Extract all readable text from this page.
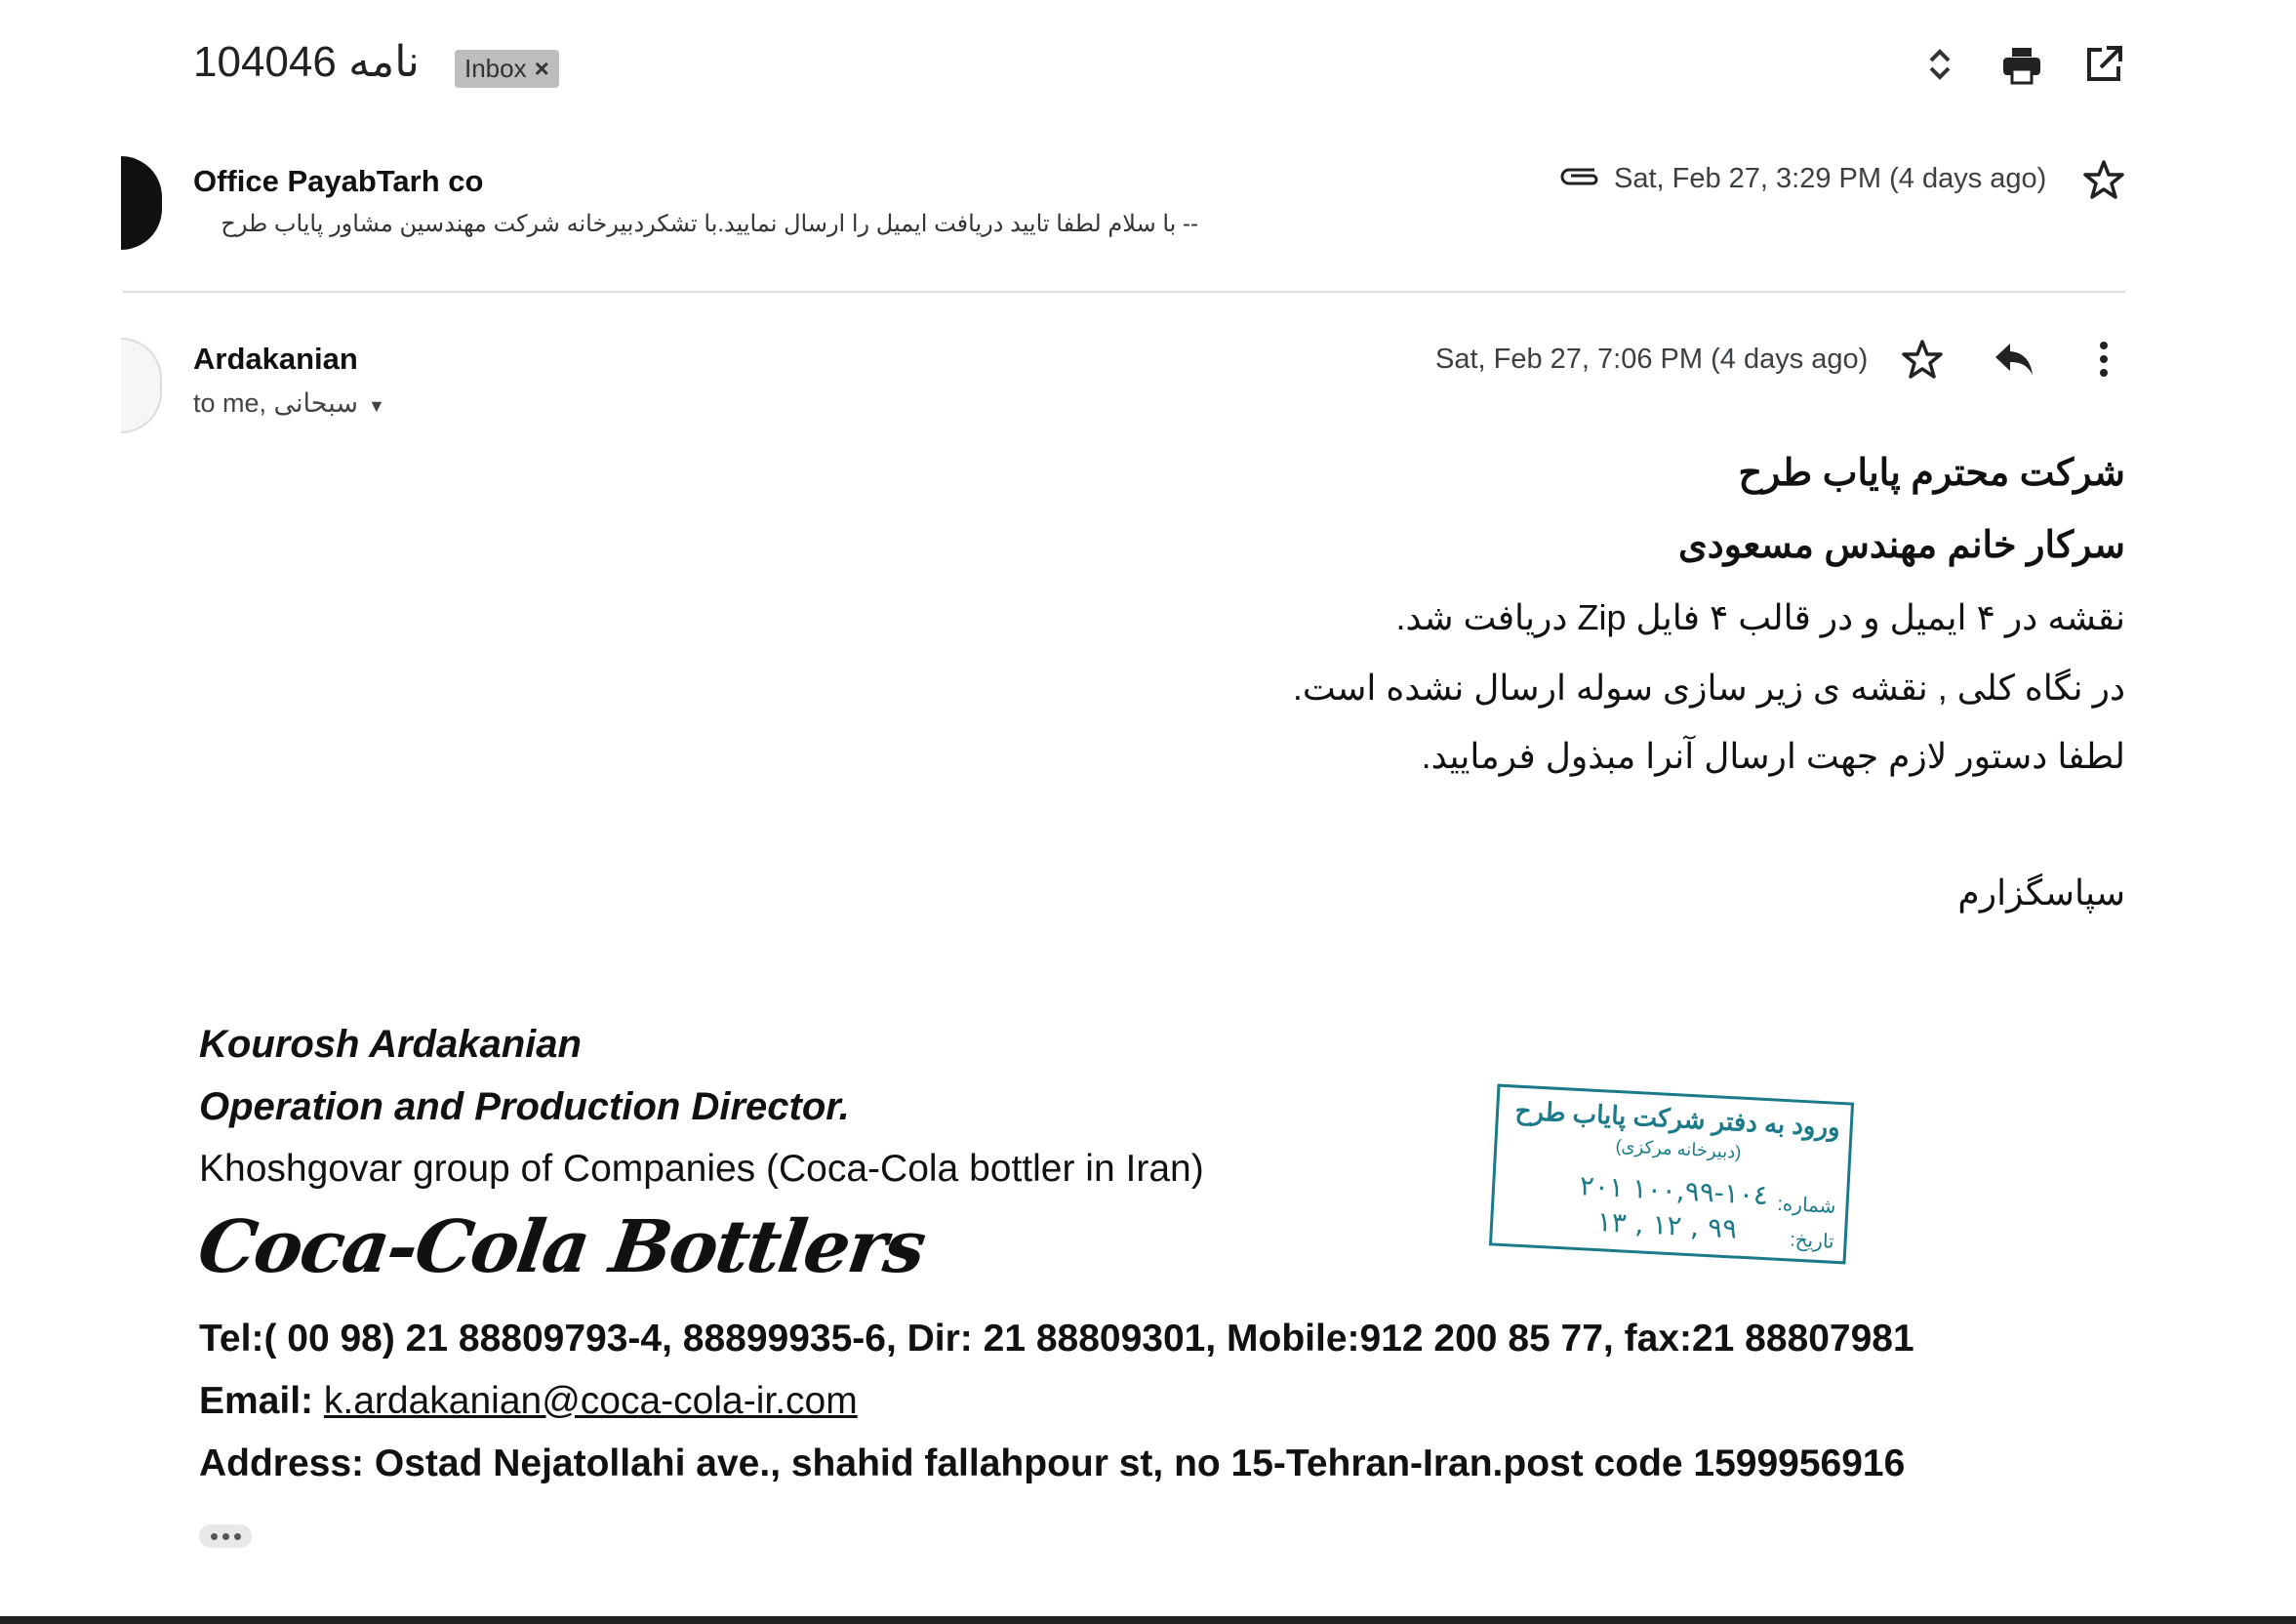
104046 نامه	Inbox ×
Office PayabTarh co
-- با سلام لطفا تایید دریافت ایمیل را ارسال نمایید.با تشکردبیرخانه شرکت مهندسین مشاور پایاب طرح
Sat, Feb 27, 3:29 PM (4 days ago)
Ardakanian
to me, سبحانی ▼
Sat, Feb 27, 7:06 PM (4 days ago)
شرکت محترم پایاب طرح
سرکار خانم مهندس مسعودی
نقشه در ۴ ایمیل و در قالب ۴ فایل Zip دریافت شد.
در نگاه کلی , نقشه ی زیر سازی سوله ارسال نشده است.
لطفا دستور لازم جهت ارسال آنرا مبذول فرمایید.
سپاسگزارم
Kourosh Ardakanian
Operation and Production Director.
Khoshgovar group of Companies (Coca-Cola bottler in Iran)
Coca-Cola Bottlers
Tel:( 00 98) 21 88809793-4, 88899935-6, Dir: 21 88809301, Mobile:912 200 85 77, fax:21 88807981
Email: k.ardakanian@coca-cola-ir.com
Address: Ostad Nejatollahi ave., shahid fallahpour st, no 15-Tehran-Iran.post code 1599956916
ورود به دفتر شرکت پایاب طرح
(دبیرخانه مرکزی)
شماره:
۱۰۰,۹۹-۱۰٤ ۲۰۱
تاریخ:
۹۹ , ۱۲ , ۱۳
